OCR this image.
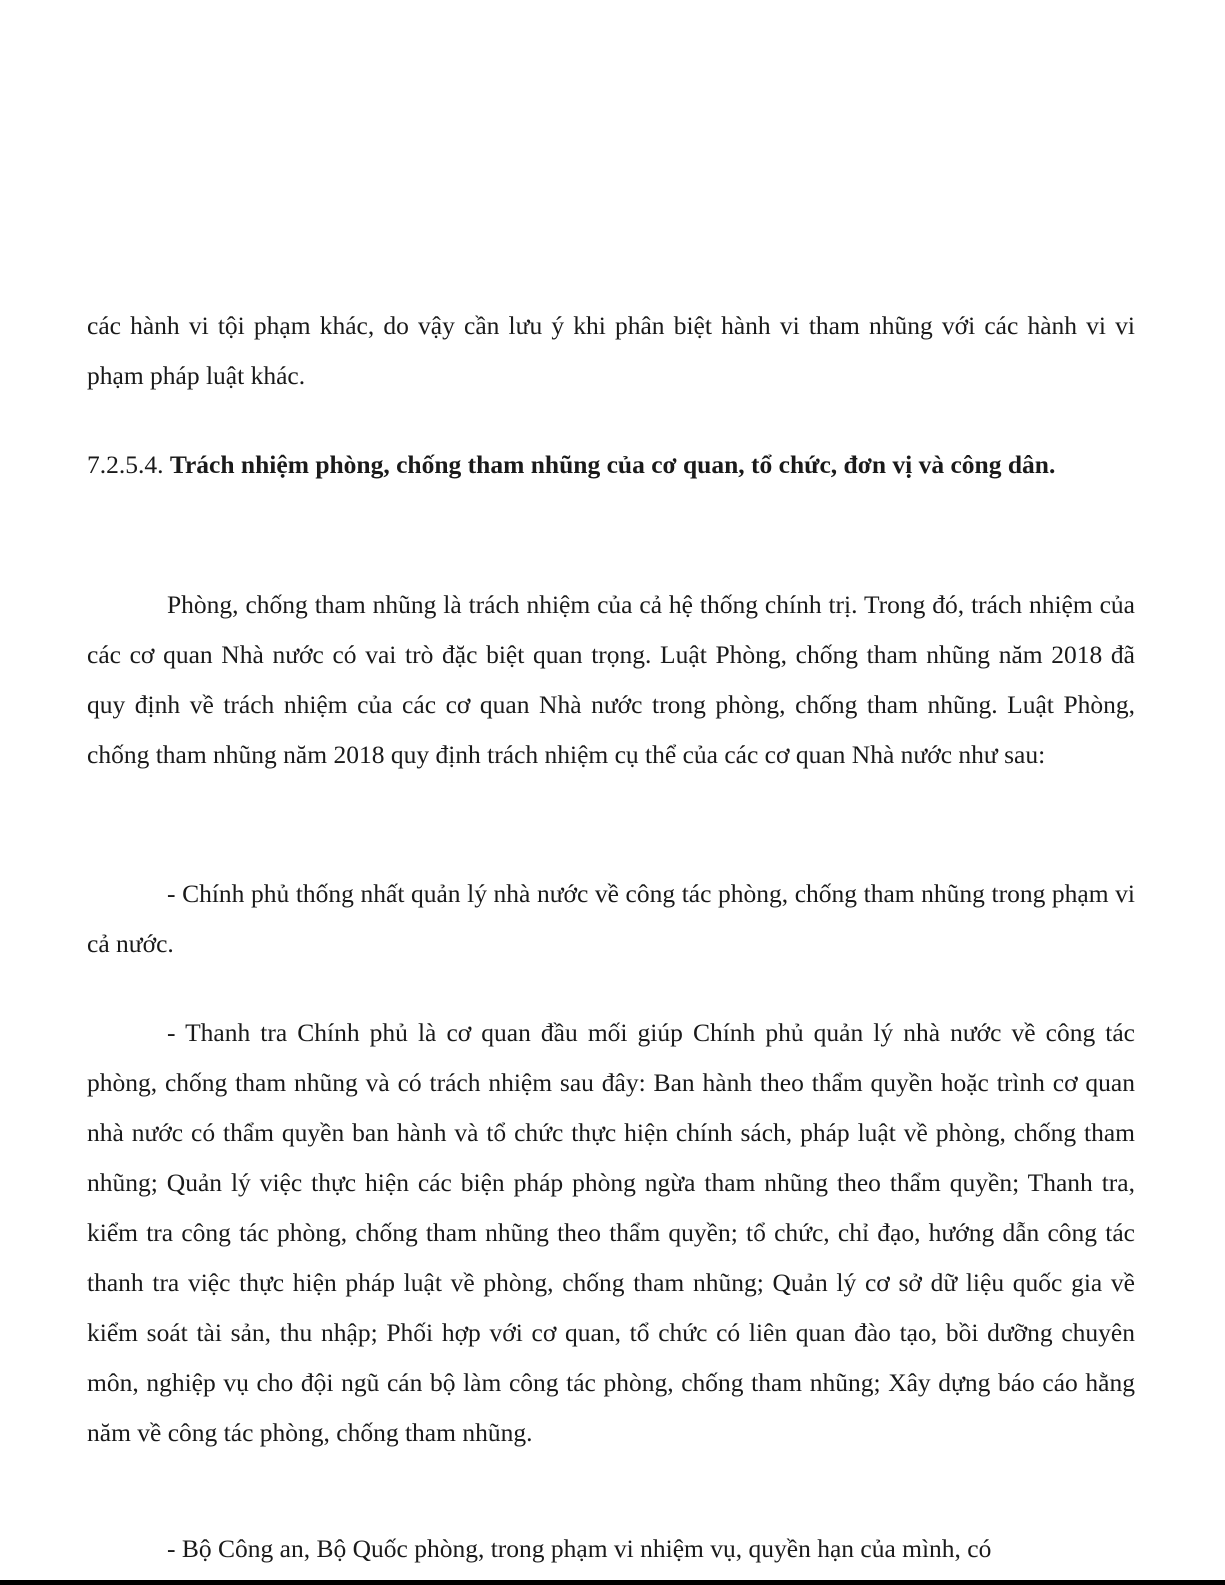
các hành vi tội phạm khác, do vậy cần lưu ý khi phân biệt hành vi tham nhũng với các hành vi vi phạm pháp luật khác.

7.2.5.4. Trách nhiệm phòng, chống tham nhũng của cơ quan, tổ chức, đơn vị và công dân.

Phòng, chống tham nhũng là trách nhiệm của cả hệ thống chính trị. Trong đó, trách nhiệm của các cơ quan Nhà nước có vai trò đặc biệt quan trọng. Luật Phòng, chống tham nhũng năm 2018 đã quy định về trách nhiệm của các cơ quan Nhà nước trong phòng, chống tham nhũng. Luật Phòng, chống tham nhũng năm 2018 quy định trách nhiệm cụ thể của các cơ quan Nhà nước như sau:

- Chính phủ thống nhất quản lý nhà nước về công tác phòng, chống tham nhũng trong phạm vi cả nước.

- Thanh tra Chính phủ là cơ quan đầu mối giúp Chính phủ quản lý nhà nước về công tác phòng, chống tham nhũng và có trách nhiệm sau đây: Ban hành theo thẩm quyền hoặc trình cơ quan nhà nước có thẩm quyền ban hành và tổ chức thực hiện chính sách, pháp luật về phòng, chống tham nhũng; Quản lý việc thực hiện các biện pháp phòng ngừa tham nhũng theo thẩm quyền; Thanh tra, kiểm tra công tác phòng, chống tham nhũng theo thẩm quyền; tổ chức, chỉ đạo, hướng dẫn công tác thanh tra việc thực hiện pháp luật về phòng, chống tham nhũng; Quản lý cơ sở dữ liệu quốc gia về kiểm soát tài sản, thu nhập; Phối hợp với cơ quan, tổ chức có liên quan đào tạo, bồi dưỡng chuyên môn, nghiệp vụ cho đội ngũ cán bộ làm công tác phòng, chống tham nhũng; Xây dựng báo cáo hằng năm về công tác phòng, chống tham nhũng.

- Bộ Công an, Bộ Quốc phòng, trong phạm vi nhiệm vụ, quyền hạn của mình, có
